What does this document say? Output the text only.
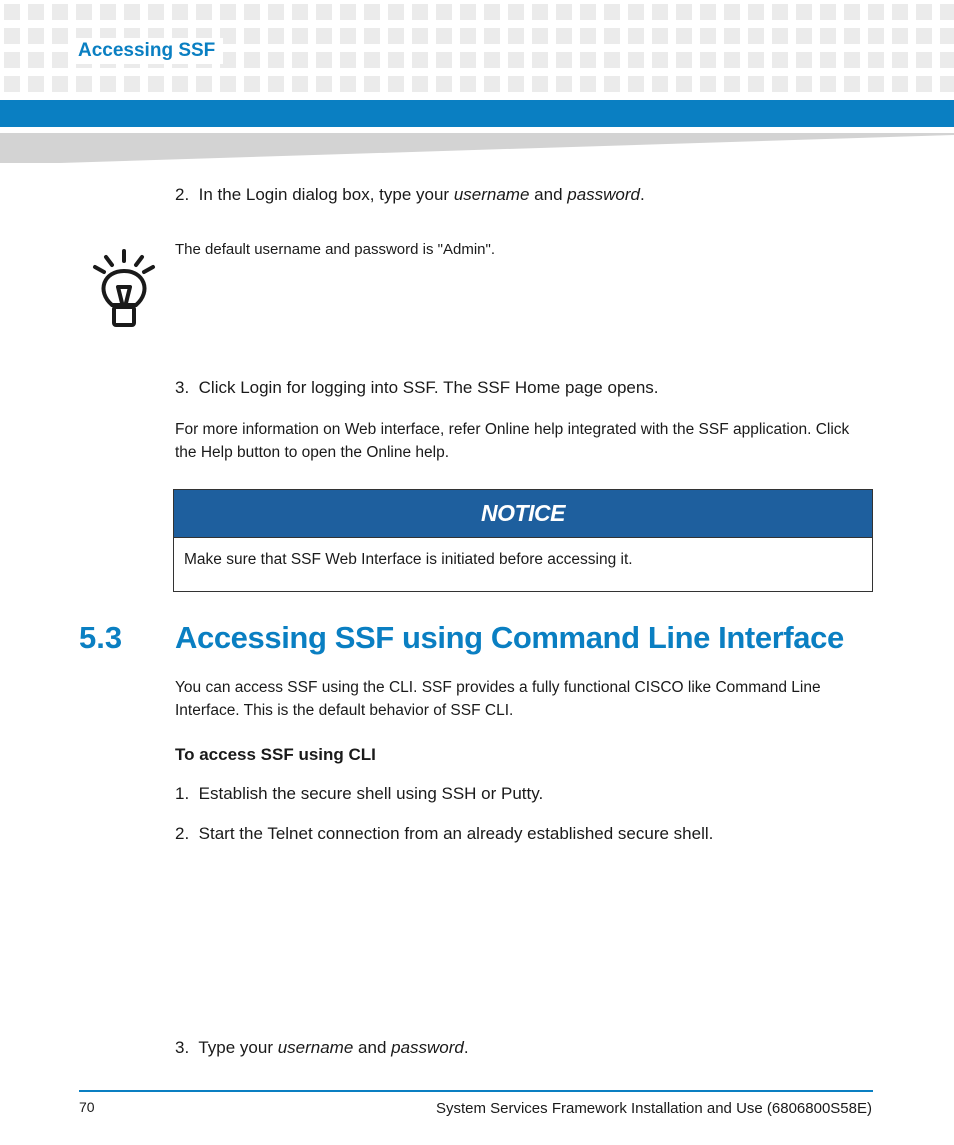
Accessing SSF

2. In the Login dialog box, type your username and password.

The default username and password is "Admin".

3. Click Login for logging into SSF. The SSF Home page opens.

For more information on Web interface, refer Online help integrated with the SSF application. Click the Help button to open the Online help.

NOTICE
Make sure that SSF Web Interface is initiated before accessing it.
5.3 Accessing SSF using Command Line Interface

You can access SSF using the CLI. SSF provides a fully functional CISCO like Command Line Interface. This is the default behavior of SSF CLI.

To access SSF using CLI

1. Establish the secure shell using SSH or Putty.

2. Start the Telnet connection from an already established secure shell.

3. Type your username and password.

70	System Services Framework Installation and Use (6806800S58E)
